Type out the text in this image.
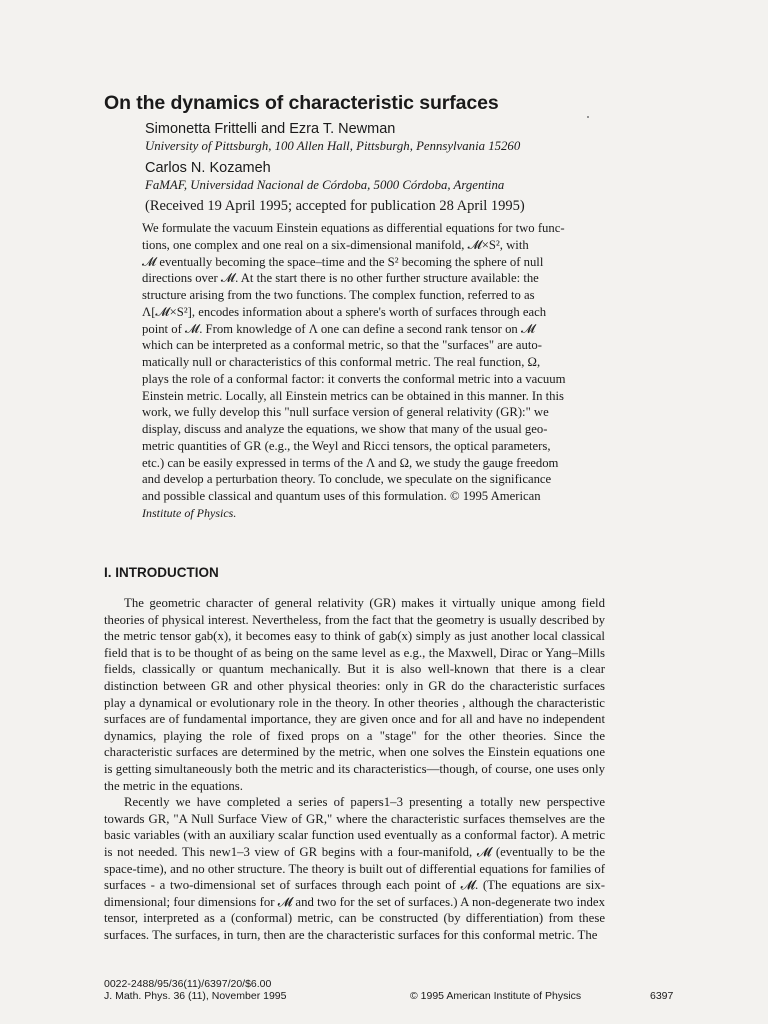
On the dynamics of characteristic surfaces
Simonetta Frittelli and Ezra T. Newman
University of Pittsburgh, 100 Allen Hall, Pittsburgh, Pennsylvania 15260
Carlos N. Kozameh
FaMAF, Universidad Nacional de Córdoba, 5000 Córdoba, Argentina
(Received 19 April 1995; accepted for publication 28 April 1995)

We formulate the vacuum Einstein equations as differential equations for two func-

tions, one complex and one real on a six-dimensional manifold, 𝓜×S², with

𝓜 eventually becoming the space–time and the S² becoming the sphere of null

directions over 𝓜. At the start there is no other further structure available: the

structure arising from the two functions. The complex function, referred to as

Λ[𝓜×S²], encodes information about a sphere's worth of surfaces through each

point of 𝓜. From knowledge of Λ one can define a second rank tensor on 𝓜

which can be interpreted as a conformal metric, so that the "surfaces" are auto-

matically null or characteristics of this conformal metric. The real function, Ω,

plays the role of a conformal factor: it converts the conformal metric into a vacuum

Einstein metric. Locally, all Einstein metrics can be obtained in this manner. In this

work, we fully develop this "null surface version of general relativity (GR):" we

display, discuss and analyze the equations, we show that many of the usual geo-

metric quantities of GR (e.g., the Weyl and Ricci tensors, the optical parameters,

etc.) can be easily expressed in terms of the Λ and Ω, we study the gauge freedom

and develop a perturbation theory. To conclude, we speculate on the significance

and possible classical and quantum uses of this formulation. © 1995 American

Institute of Physics.

I. INTRODUCTION

The geometric character of general relativity (GR) makes it virtually unique among field theories of physical interest. Nevertheless, from the fact that the geometry is usually described by the metric tensor gab(x), it becomes easy to think of gab(x) simply as just another local classical field that is to be thought of as being on the same level as e.g., the Maxwell, Dirac or Yang–Mills fields, classically or quantum mechanically. But it is also well-known that there is a clear distinction between GR and other physical theories: only in GR do the characteristic surfaces play a dynamical or evolutionary role in the theory. In other theories , although the characteristic surfaces are of fundamental importance, they are given once and for all and have no independent dynamics, playing the role of fixed props on a "stage" for the other theories. Since the characteristic surfaces are determined by the metric, when one solves the Einstein equations one is getting simultaneously both the metric and its characteristics—though, of course, one uses only the metric in the equations.

Recently we have completed a series of papers1–3 presenting a totally new perspective towards GR, "A Null Surface View of GR," where the characteristic surfaces themselves are the basic variables (with an auxiliary scalar function used eventually as a conformal factor). A metric is not needed. This new1–3 view of GR begins with a four-manifold, 𝓜 (eventually to be the space-time), and no other structure. The theory is built out of differential equations for families of surfaces - a two-dimensional set of surfaces through each point of 𝓜. (The equations are six-dimensional; four dimensions for 𝓜 and two for the set of surfaces.) A non-degenerate two index tensor, interpreted as a (conformal) metric, can be constructed (by differentiation) from these surfaces. The surfaces, in turn, then are the characteristic surfaces for this conformal metric. The

0022-2488/95/36(11)/6397/20/$6.00
J. Math. Phys. 36 (11), November 1995	© 1995 American Institute of Physics	6397
